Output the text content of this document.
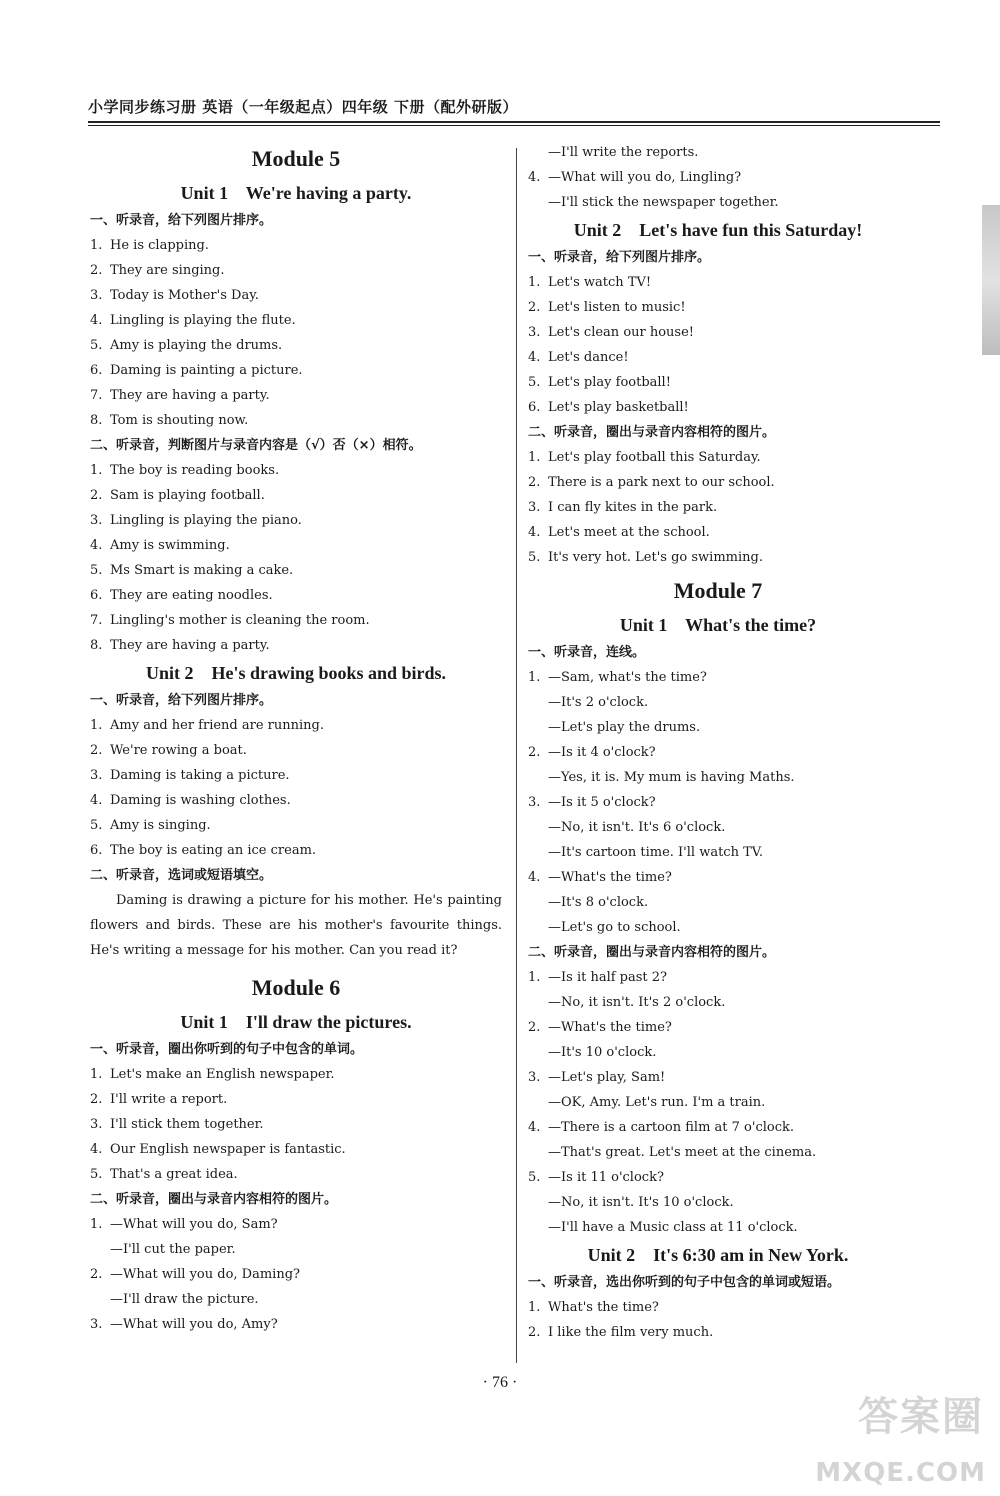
小学同步练习册 英语（一年级起点）四年级 下册（配外研版）
Module 5
Unit 1    We're having a party.
一、听录音，给下列图片排序。
1. He is clapping.
2. They are singing.
3. Today is Mother's Day.
4. Lingling is playing the flute.
5. Amy is playing the drums.
6. Daming is painting a picture.
7. They are having a party.
8. Tom is shouting now.
二、听录音，判断图片与录音内容是（√）否（×）相符。
1. The boy is reading books.
2. Sam is playing football.
3. Lingling is playing the piano.
4. Amy is swimming.
5. Ms Smart is making a cake.
6. They are eating noodles.
7. Lingling's mother is cleaning the room.
8. They are having a party.
Unit 2    He's drawing books and birds.
一、听录音，给下列图片排序。
1. Amy and her friend are running.
2. We're rowing a boat.
3. Daming is taking a picture.
4. Daming is washing clothes.
5. Amy is singing.
6. The boy is eating an ice cream.
二、听录音，选词或短语填空。
Daming is drawing a picture for his mother. He's painting flowers and birds. These are his mother's favourite things. He's writing a message for his mother. Can you read it?
Module 6
Unit 1    I'll draw the pictures.
一、听录音，圈出你听到的句子中包含的单词。
1. Let's make an English newspaper.
2. I'll write a report.
3. I'll stick them together.
4. Our English newspaper is fantastic.
5. That's a great idea.
二、听录音，圈出与录音内容相符的图片。
1. —What will you do, Sam?
—I'll cut the paper.
2. —What will you do, Daming?
—I'll draw the picture.
3. —What will you do, Amy?
—I'll write the reports.
4. —What will you do, Lingling?
—I'll stick the newspaper together.
Unit 2    Let's have fun this Saturday!
一、听录音，给下列图片排序。
1. Let's watch TV!
2. Let's listen to music!
3. Let's clean our house!
4. Let's dance!
5. Let's play football!
6. Let's play basketball!
二、听录音，圈出与录音内容相符的图片。
1. Let's play football this Saturday.
2. There is a park next to our school.
3. I can fly kites in the park.
4. Let's meet at the school.
5. It's very hot. Let's go swimming.
Module 7
Unit 1    What's the time?
一、听录音，连线。
1. —Sam, what's the time?
—It's 2 o'clock.
—Let's play the drums.
2. —Is it 4 o'clock?
—Yes, it is. My mum is having Maths.
3. —Is it 5 o'clock?
—No, it isn't. It's 6 o'clock.
—It's cartoon time. I'll watch TV.
4. —What's the time?
—It's 8 o'clock.
—Let's go to school.
二、听录音，圈出与录音内容相符的图片。
1. —Is it half past 2?
—No, it isn't. It's 2 o'clock.
2. —What's the time?
—It's 10 o'clock.
3. —Let's play, Sam!
—OK, Amy. Let's run. I'm a train.
4. —There is a cartoon film at 7 o'clock.
—That's great. Let's meet at the cinema.
5. —Is it 11 o'clock?
—No, it isn't. It's 10 o'clock.
—I'll have a Music class at 11 o'clock.
Unit 2    It's 6:30 am in New York.
一、听录音，选出你听到的句子中包含的单词或短语。
1. What's the time?
2. I like the film very much.
· 76 ·
答案圈
MXQE.COM
